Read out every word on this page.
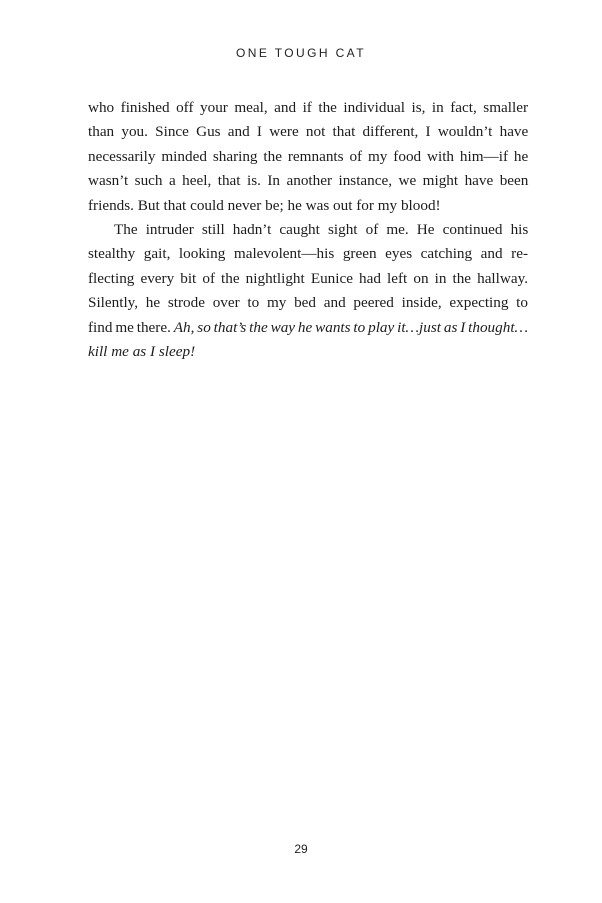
ONE TOUGH CAT
who finished off your meal, and if the individual is, in fact, smaller
than you. Since Gus and I were not that different, I wouldn’t have
necessarily minded sharing the remnants of my food with him—if he
wasn’t such a heel, that is. In another instance, we might have been
friends. But that could never be; he was out for my blood!
The intruder still hadn’t caught sight of me. He continued his
stealthy gait, looking malevolent—his green eyes catching and re-
flecting every bit of the nightlight Eunice had left on in the hallway.
Silently, he strode over to my bed and peered inside, expecting to
find me there. Ah, so that’s the way he wants to play it…just as I thought…
kill me as I sleep!
29
